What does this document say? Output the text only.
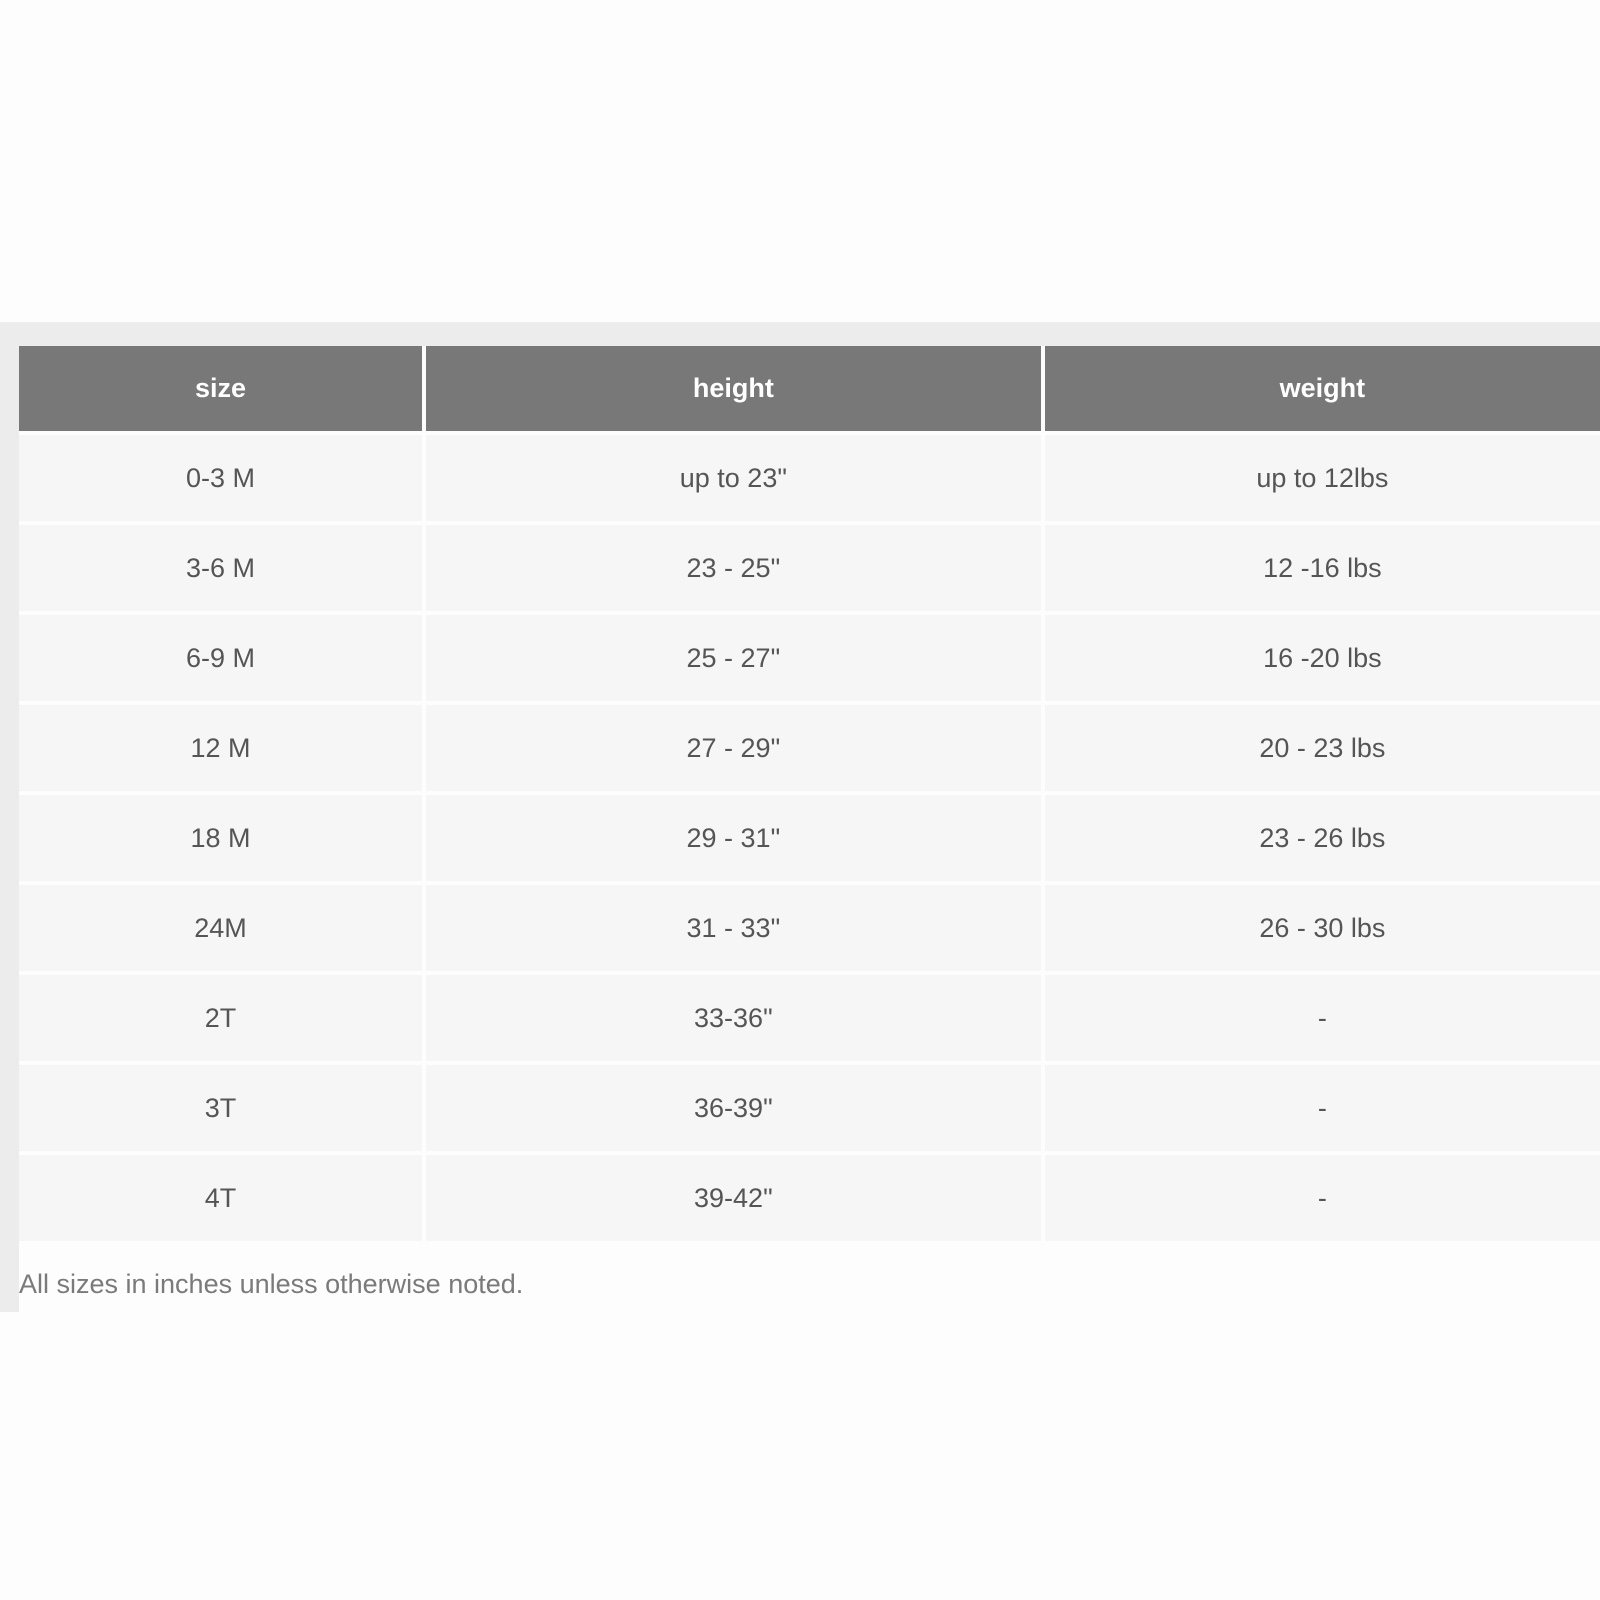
size	height	weight
0-3 M	up to 23"	up to 12lbs
3-6 M	23 - 25"	12 -16 lbs
6-9 M	25 - 27"	16 -20 lbs
12 M	27 - 29"	20 - 23 lbs
18 M	29 - 31"	23 - 26 lbs
24M	31 - 33"	26 - 30 lbs
2T	33-36"	-
3T	36-39"	-
4T	39-42"	-
All sizes in inches unless otherwise noted.
